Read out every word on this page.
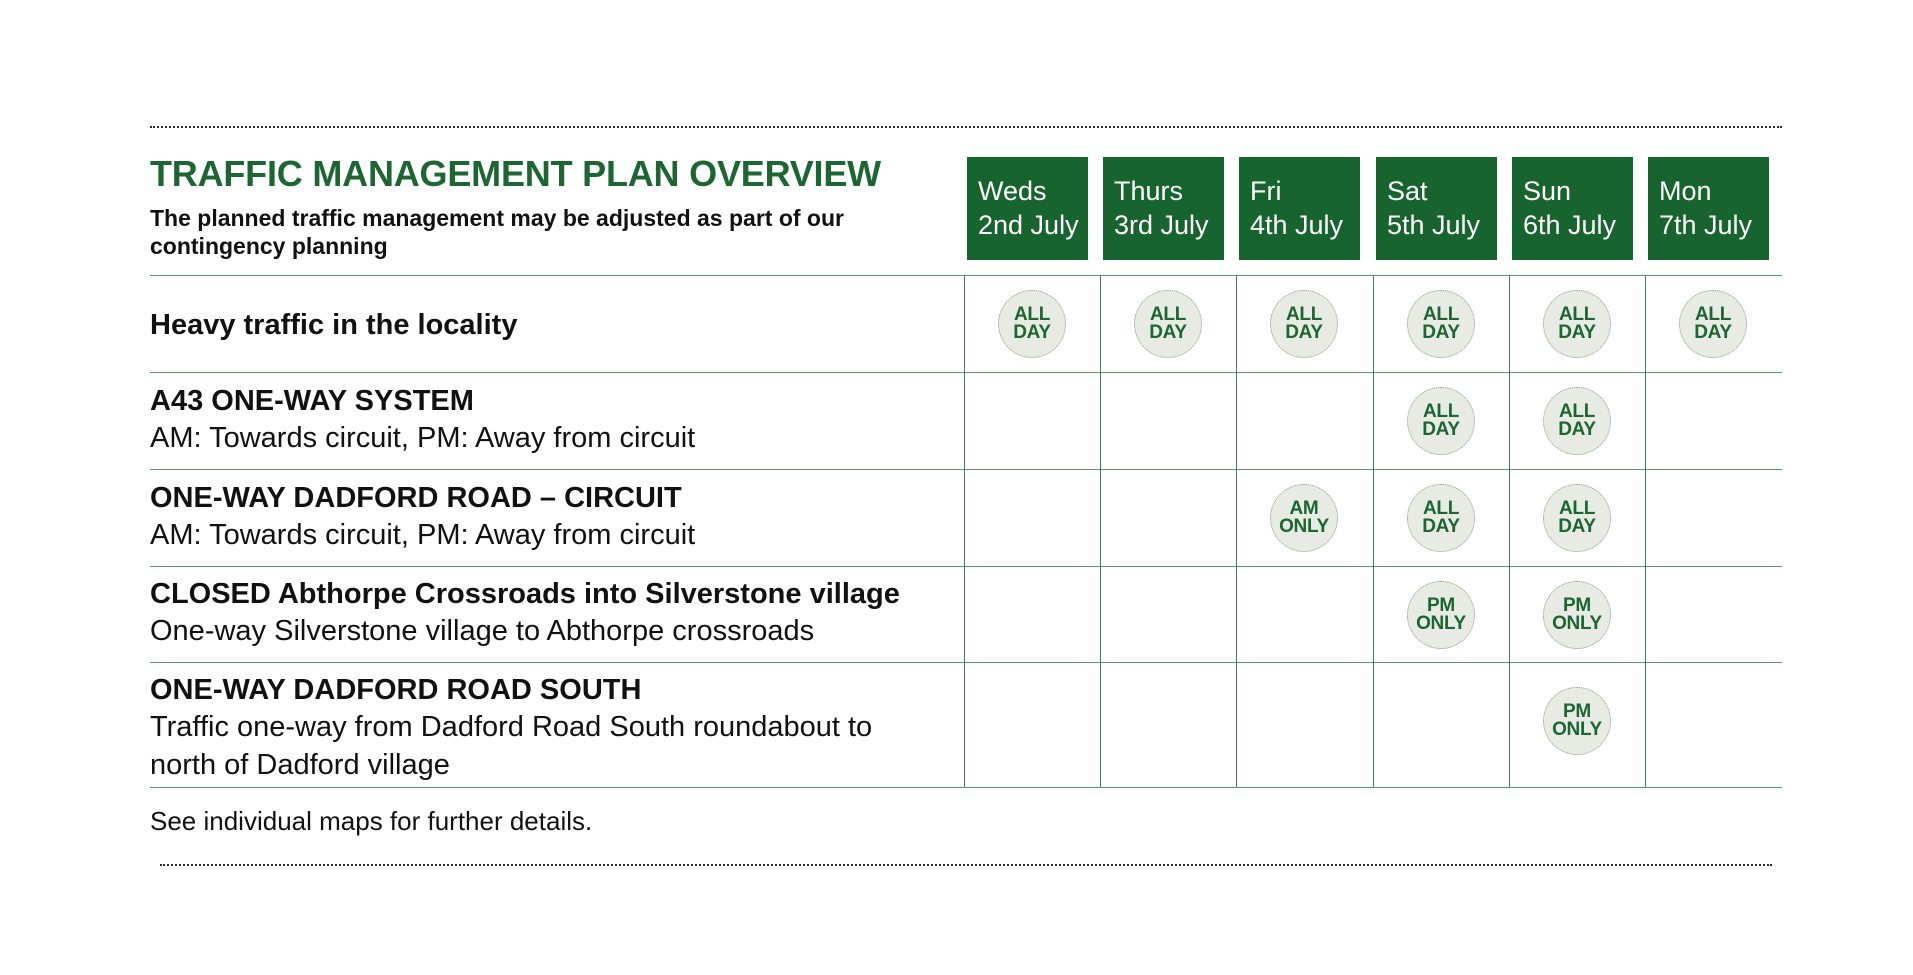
TRAFFIC MANAGEMENT PLAN OVERVIEW
The planned traffic management may be adjusted as part of our contingency planning
Weds
2nd July
Thurs
3rd July
Fri
4th July
Sat
5th July
Sun
6th July
Mon
7th July
Heavy traffic in the locality
A43 ONE-WAY SYSTEM
AM: Towards circuit, PM: Away from circuit
ONE-WAY DADFORD ROAD – CIRCUIT
AM: Towards circuit, PM: Away from circuit
CLOSED Abthorpe Crossroads into Silverstone village
One-way Silverstone village to Abthorpe crossroads
ONE-WAY DADFORD ROAD SOUTH
Traffic one-way from Dadford Road South roundabout to north of Dadford village
ALL
DAY
ALL
DAY
ALL
DAY
ALL
DAY
ALL
DAY
ALL
DAY
ALL
DAY
ALL
DAY
AM
ONLY
ALL
DAY
ALL
DAY
PM
ONLY
PM
ONLY
PM
ONLY
See individual maps for further details.
